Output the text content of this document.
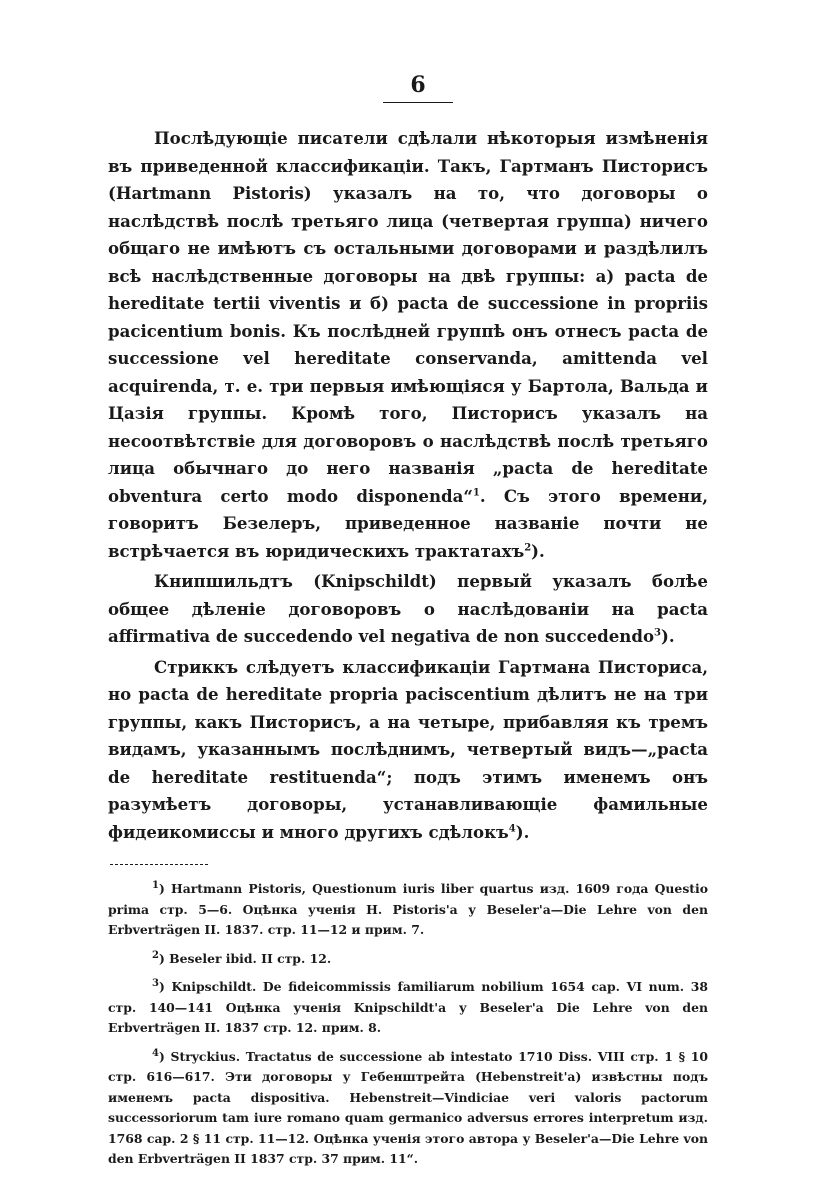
6

Послѣдующіе писатели сдѣлали нѣкоторыя измѣненія въ приведенной классификаціи. Такъ, Гартманъ Писторисъ (Hartmann Pistoris) указалъ на то, что договоры о наслѣдствѣ послѣ третьяго лица (четвертая группа) ничего общаго не имѣютъ съ остальными договорами и раздѣлилъ всѣ наслѣдственные договоры на двѣ группы: а) pacta de hereditate tertii viventis и б) pacta de successione in propriis pacicentium bonis. Къ послѣдней группѣ онъ отнесъ pacta de successione vel hereditate conservanda, amittenda vel acquirenda, т. е. три первыя имѣющіяся у Бартола, Вальда и Цазія группы. Кромѣ того, Писторисъ указалъ на несоотвѣтствіе для договоровъ о наслѣдствѣ послѣ третьяго лица обычнаго до него названія „pacta de hereditate obventura certo modo disponenda“$^1$. Съ этого времени, говоритъ Безелеръ, приведенное названіе почти не встрѣчается въ юридическихъ трактатахъ$^2$).

Книпшильдтъ (Knipschildt) первый указалъ болѣе общее дѣленіе договоровъ о наслѣдованіи на pacta affirmativa de succedendo vel negativa de non succedendo$^3$).

Стриккъ слѣдуетъ классификаціи Гартмана Писториса, но pacta de hereditate propria paciscentium дѣлитъ не на три группы, какъ Писторисъ, а на четыре, прибавляя къ тремъ видамъ, указаннымъ послѣднимъ, четвертый видъ—„pacta de hereditate restituenda“; подъ этимъ именемъ онъ разумѣетъ договоры, устанавливающіе фамильные фидеикомиссы и много другихъ сдѣлокъ$^4$).

$^1$) Hartmann Pistoris, Questionum iuris liber quartus изд. 1609 года Questio prima стр. 5—6. Оцѣнка ученія H. Pistoris'a у Beseler'a—Die Lehre von den Erbverträgen II. 1837. стр. 11—12 и прим. 7.

$^2$) Beseler ibid. II стр. 12.

$^3$) Knipschildt. De fideicommissis familiarum nobilium 1654 cap. VI num. 38 стр. 140—141 Оцѣнка ученія Knipschildt'a у Beseler'a Die Lehre von den Erbverträgen II. 1837 стр. 12. прим. 8.

$^4$) Stryckius. Tractatus de successione ab intestato 1710 Diss. VIII стр. 1 § 10 стр. 616—617. Эти договоры у Гебенштрейта (Hebenstreit'a) извѣстны подъ именемъ pacta dispositiva. Hebenstreit—Vindiciae veri valoris pactorum successoriorum tam iure romano quam germanico adversus errores interpretum изд. 1768 cap. 2 § 11 стр. 11—12. Оцѣнка ученія этого автора у Beseler'a—Die Lehre von den Erbverträgen II 1837 стр. 37 прим. 11“.
